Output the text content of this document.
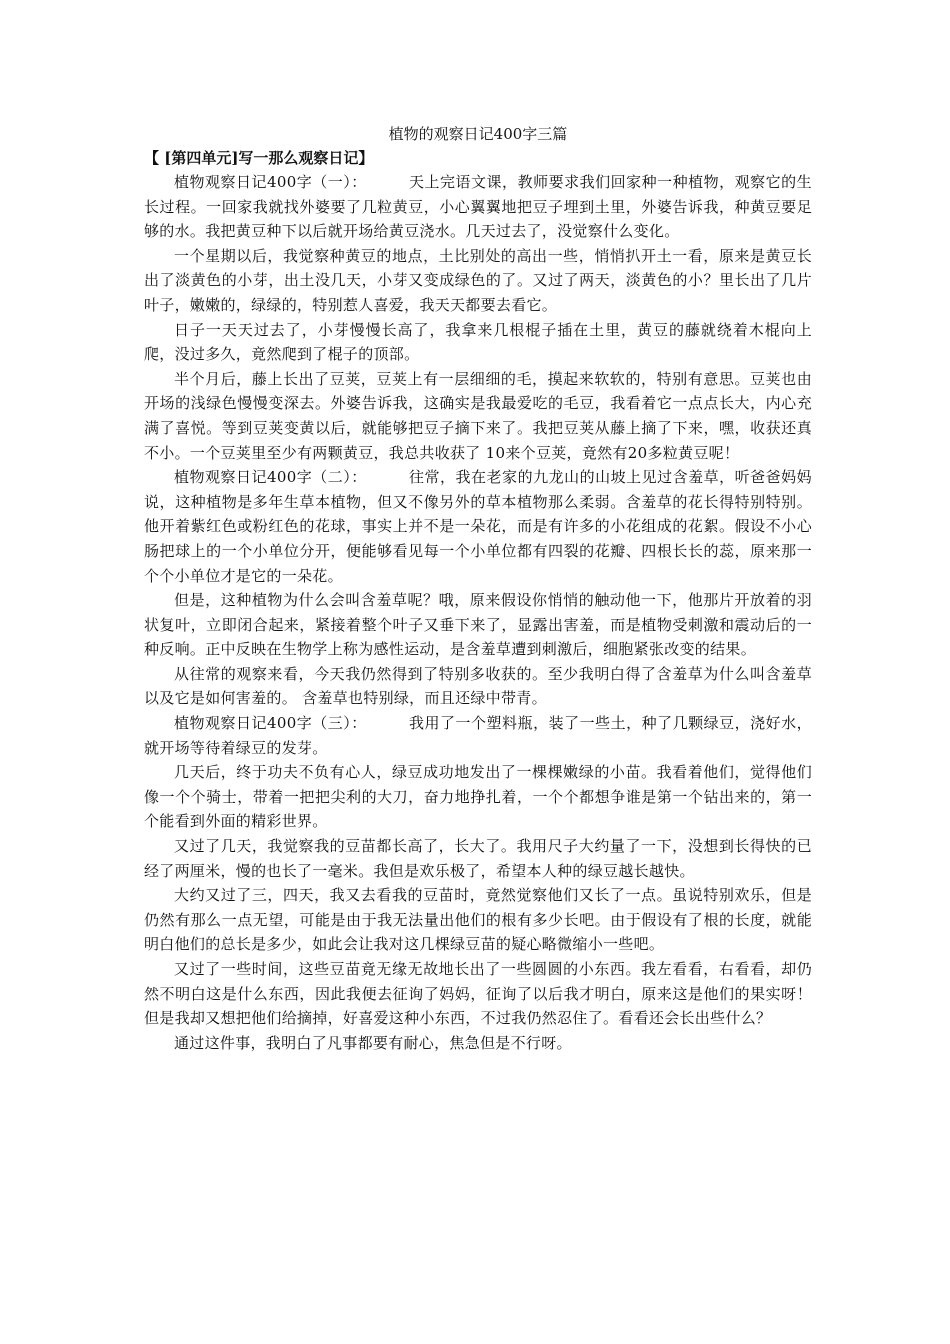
植物的观察日记400字三篇

【 [第四单元]写一那么观察日记】

植物观察日记400字（一）：	天上完语文课，教师要求我们回家种一种植物，观察它的生长过程。一回家我就找外婆要了几粒黄豆，小心翼翼地把豆子埋到土里，外婆告诉我，种黄豆要足够的水。我把黄豆种下以后就开场给黄豆浇水。几天过去了，没觉察什么变化。

一个星期以后，我觉察种黄豆的地点，土比别处的高出一些，悄悄扒开土一看，原来是黄豆长出了淡黄色的小芽，出土没几天，小芽又变成绿色的了。又过了两天，淡黄色的小？里长出了几片叶子，嫩嫩的，绿绿的，特别惹人喜爱，我天天都要去看它。

日子一天天过去了，小芽慢慢长高了，我拿来几根棍子插在土里，黄豆的藤就绕着木棍向上爬，没过多久，竟然爬到了棍子的顶部。

半个月后，藤上长出了豆荚，豆荚上有一层细细的毛，摸起来软软的，特别有意思。豆荚也由开场的浅绿色慢慢变深去。外婆告诉我，这确实是我最爱吃的毛豆，我看着它一点点长大，内心充满了喜悦。等到豆荚变黄以后，就能够把豆子摘下来了。我把豆荚从藤上摘了下来，嘿，收获还真不小。一个豆荚里至少有两颗黄豆，我总共收获了 10来个豆荚，竟然有20多粒黄豆呢！

植物观察日记400字（二）：	往常，我在老家的九龙山的山坡上见过含羞草，听爸爸妈妈说，这种植物是多年生草本植物，但又不像另外的草本植物那么柔弱。含羞草的花长得特别特别。他开着紫红色或粉红色的花球，事实上并不是一朵花，而是有许多的小花组成的花絮。假设不小心肠把球上的一个小单位分开，便能够看见每一个小单位都有四裂的花瓣、四根长长的蕊，原来那一个个小单位才是它的一朵花。

但是，这种植物为什么会叫含羞草呢？哦，原来假设你悄悄的触动他一下，他那片开放着的羽状复叶，立即闭合起来，紧接着整个叶子又垂下来了，显露出害羞，而是植物受刺激和震动后的一种反响。正中反映在生物学上称为感性运动，是含羞草遭到刺激后，细胞紧张改变的结果。

从往常的观察来看，今天我仍然得到了特别多收获的。至少我明白得了含羞草为什么叫含羞草以及它是如何害羞的。 含羞草也特别绿，而且还绿中带青。

植物观察日记400字（三）：	我用了一个塑料瓶，装了一些土，种了几颗绿豆，浇好水，就开场等待着绿豆的发芽。

几天后，终于功夫不负有心人，绿豆成功地发出了一棵棵嫩绿的小苗。我看着他们，觉得他们像一个个骑士，带着一把把尖利的大刀，奋力地挣扎着，一个个都想争谁是第一个钻出来的，第一个能看到外面的精彩世界。

又过了几天，我觉察我的豆苗都长高了，长大了。我用尺子大约量了一下，没想到长得快的已经了两厘米，慢的也长了一毫米。我但是欢乐极了，希望本人种的绿豆越长越快。

大约又过了三，四天，我又去看我的豆苗时，竟然觉察他们又长了一点。虽说特别欢乐，但是仍然有那么一点无望，可能是由于我无法量出他们的根有多少长吧。由于假设有了根的长度，就能明白他们的总长是多少，如此会让我对这几棵绿豆苗的疑心略微缩小一些吧。

又过了一些时间，这些豆苗竟无缘无故地长出了一些圆圆的小东西。我左看看，右看看，却仍然不明白这是什么东西，因此我便去征询了妈妈，征询了以后我才明白，原来这是他们的果实呀！但是我却又想把他们给摘掉，好喜爱这种小东西，不过我仍然忍住了。看看还会长出些什么？

通过这件事，我明白了凡事都要有耐心，焦急但是不行呀。
